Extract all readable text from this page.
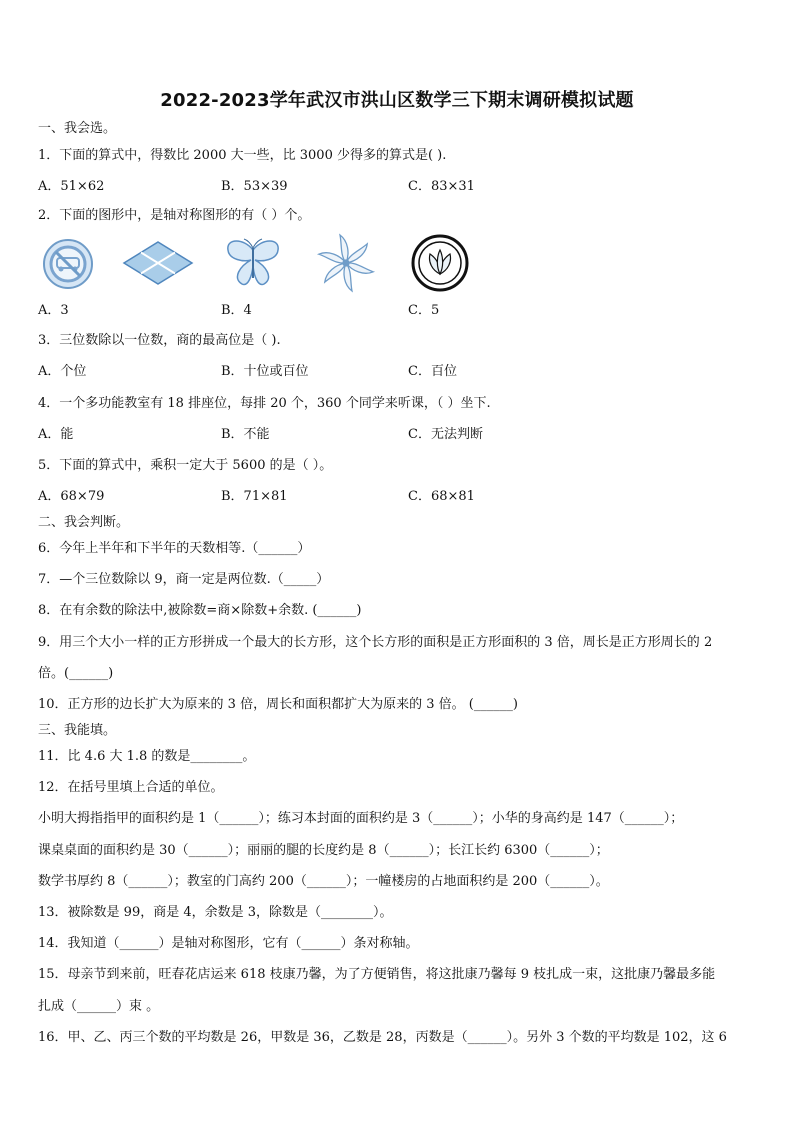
2022-2023学年武汉市洪山区数学三下期末调研模拟试题
一、我会选。
1．下面的算式中，得数比 2000 大一些，比 3000 少得多的算式是( ).
A．51×62	B．53×39	C．83×31
2．下面的图形中，是轴对称图形的有（ ）个。
A．3	B．4	C．5
3．三位数除以一位数，商的最高位是（ ).
A．个位	B．十位或百位	C．百位
4．一个多功能教室有 18 排座位，每排 20 个，360 个同学来听课，（ ）坐下.
A．能	B．不能	C．无法判断
5．下面的算式中，乘积一定大于 5600 的是（ ）。
A．68×79	B．71×81	C．68×81
二、我会判断。
6．今年上半年和下半年的天数相等.（______）
7．—个三位数除以 9，商一定是两位数.（_____）
8．在有余数的除法中,被除数=商×除数+余数. (______)
9．用三个大小一样的正方形拼成一个最大的长方形，这个长方形的面积是正方形面积的 3 倍，周长是正方形周长的 2
倍。(______)
10．正方形的边长扩大为原来的 3 倍，周长和面积都扩大为原来的 3 倍。 (______)
三、我能填。
11．比 4.6 大 1.8 的数是________。
12．在括号里填上合适的单位。
小明大拇指指甲的面积约是 1（______）；练习本封面的面积约是 3（______）；小华的身高约是 147（______）；
课桌桌面的面积约是 30（______）；丽丽的腿的长度约是 8（______）；长江长约 6300（______）；
数学书厚约 8（______）；教室的门高约 200（______）；一幢楼房的占地面积约是 200（______）。
13．被除数是 99，商是 4，余数是 3，除数是（________）。
14．我知道（______）是轴对称图形，它有（______）条对称轴。
15．母亲节到来前，旺春花店运来 618 枝康乃馨，为了方便销售，将这批康乃馨每 9 枝扎成一束，这批康乃馨最多能
扎成（______）束 。
16．甲、乙、丙三个数的平均数是 26，甲数是 36，乙数是 28，丙数是（______）。另外 3 个数的平均数是 102，这 6
